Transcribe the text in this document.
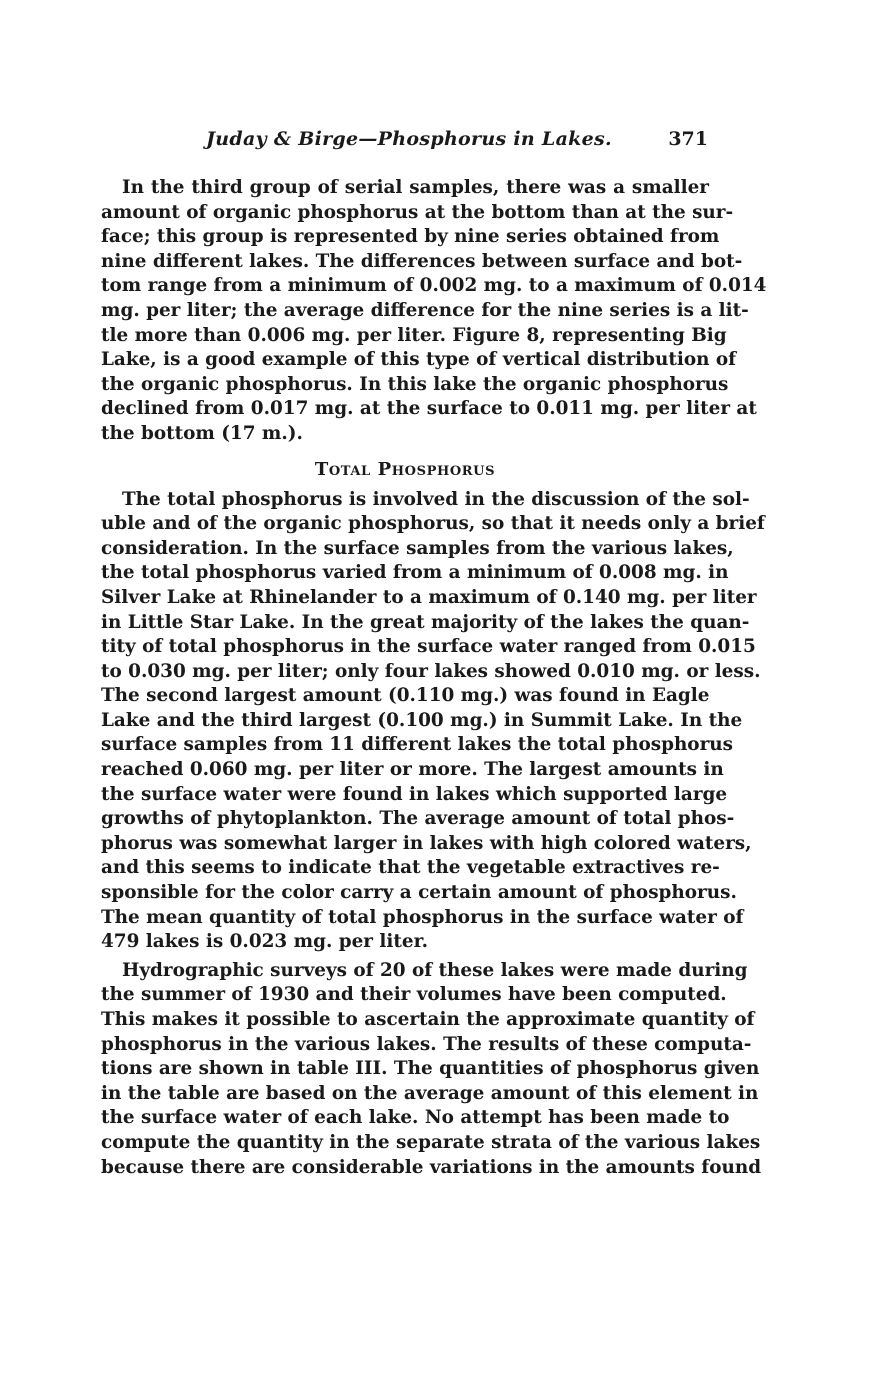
Juday & Birge—Phosphorus in Lakes.	371
In the third group of serial samples, there was a smaller
amount of organic phosphorus at the bottom than at the sur-
face; this group is represented by nine series obtained from
nine different lakes. The differences between surface and bot-
tom range from a minimum of 0.002 mg. to a maximum of 0.014
mg. per liter; the average difference for the nine series is a lit-
tle more than 0.006 mg. per liter. Figure 8, representing Big
Lake, is a good example of this type of vertical distribution of
the organic phosphorus. In this lake the organic phosphorus
declined from 0.017 mg. at the surface to 0.011 mg. per liter at
the bottom (17 m.).
Total Phosphorus
The total phosphorus is involved in the discussion of the sol-
uble and of the organic phosphorus, so that it needs only a brief
consideration. In the surface samples from the various lakes,
the total phosphorus varied from a minimum of 0.008 mg. in
Silver Lake at Rhinelander to a maximum of 0.140 mg. per liter
in Little Star Lake. In the great majority of the lakes the quan-
tity of total phosphorus in the surface water ranged from 0.015
to 0.030 mg. per liter; only four lakes showed 0.010 mg. or less.
The second largest amount (0.110 mg.) was found in Eagle
Lake and the third largest (0.100 mg.) in Summit Lake. In the
surface samples from 11 different lakes the total phosphorus
reached 0.060 mg. per liter or more. The largest amounts in
the surface water were found in lakes which supported large
growths of phytoplankton. The average amount of total phos-
phorus was somewhat larger in lakes with high colored waters,
and this seems to indicate that the vegetable extractives re-
sponsible for the color carry a certain amount of phosphorus.
The mean quantity of total phosphorus in the surface water of
479 lakes is 0.023 mg. per liter.
Hydrographic surveys of 20 of these lakes were made during
the summer of 1930 and their volumes have been computed.
This makes it possible to ascertain the approximate quantity of
phosphorus in the various lakes. The results of these computa-
tions are shown in table III. The quantities of phosphorus given
in the table are based on the average amount of this element in
the surface water of each lake. No attempt has been made to
compute the quantity in the separate strata of the various lakes
because there are considerable variations in the amounts found
